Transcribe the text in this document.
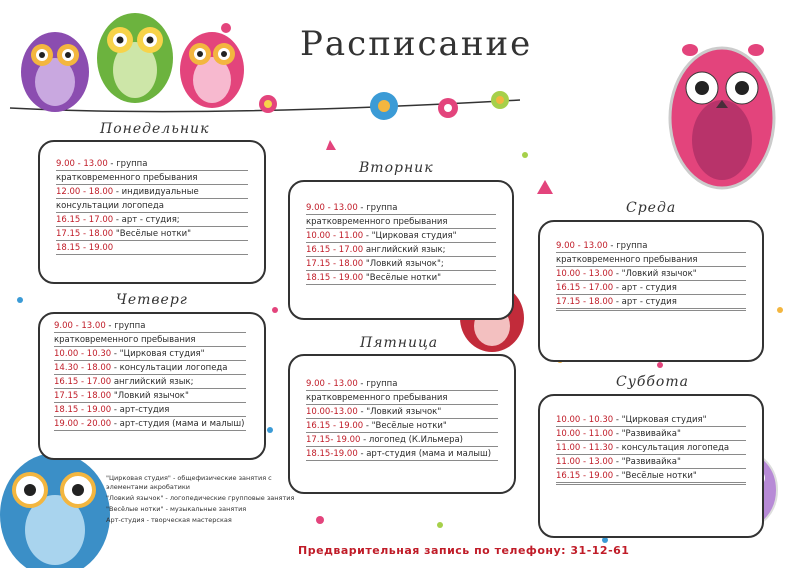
Расписание
Понедельник
9.00 - 13.00 - группа
кратковременного пребывания
12.00 - 18.00 - индивидуальные
консультации логопеда
16.15 - 17.00 - арт - студия;
17.15 - 18.00 "Весёлые нотки"
18.15 - 19.00
Вторник
9.00 - 13.00 - группа
кратковременного пребывания
10.00 - 11.00 - "Цирковая студия"
16.15 - 17.00 английский язык;
17.15 - 18.00 "Ловкий язычок";
18.15 - 19.00 "Весёлые нотки"
Среда
9.00 - 13.00 - группа
кратковременного пребывания
10.00 - 13.00 - "Ловкий язычок"
16.15 - 17.00 - арт - студия
17.15 - 18.00 - арт - студия
Четверг
9.00 - 13.00 - группа
кратковременного пребывания
10.00 - 10.30 - "Цирковая студия"
14.30 - 18.00 - консультации логопеда
16.15 - 17.00 английский язык;
17.15 - 18.00 "Ловкий язычок"
18.15 - 19.00 - арт-студия
19.00 - 20.00 - арт-студия (мама и малыш)
Пятница
9.00 - 13.00 - группа
кратковременного пребывания
10.00-13.00 - "Ловкий язычок"
16.15 - 19.00 - "Весёлые нотки"
17.15- 19.00 - логопед (К.Ильмера)
18.15-19.00 - арт-студия (мама и малыш)
Суббота
10.00 - 10.30 - "Цирковая студия"
10.00 - 11.00 - "Развивайка"
11.00 - 11.30 - консультация логопеда
11.00 - 13.00 - "Развивайка"
16.15 - 19.00 - "Весёлые нотки"
"Цирковая студия" - общефизические занятия с элементами акробатики
"Ловкий язычок" - логопедические групповые занятия
"Весёлые нотки" - музыкальные занятия
Арт-студия - творческая мастерская
Предварительная запись по телефону: 31-12-61
